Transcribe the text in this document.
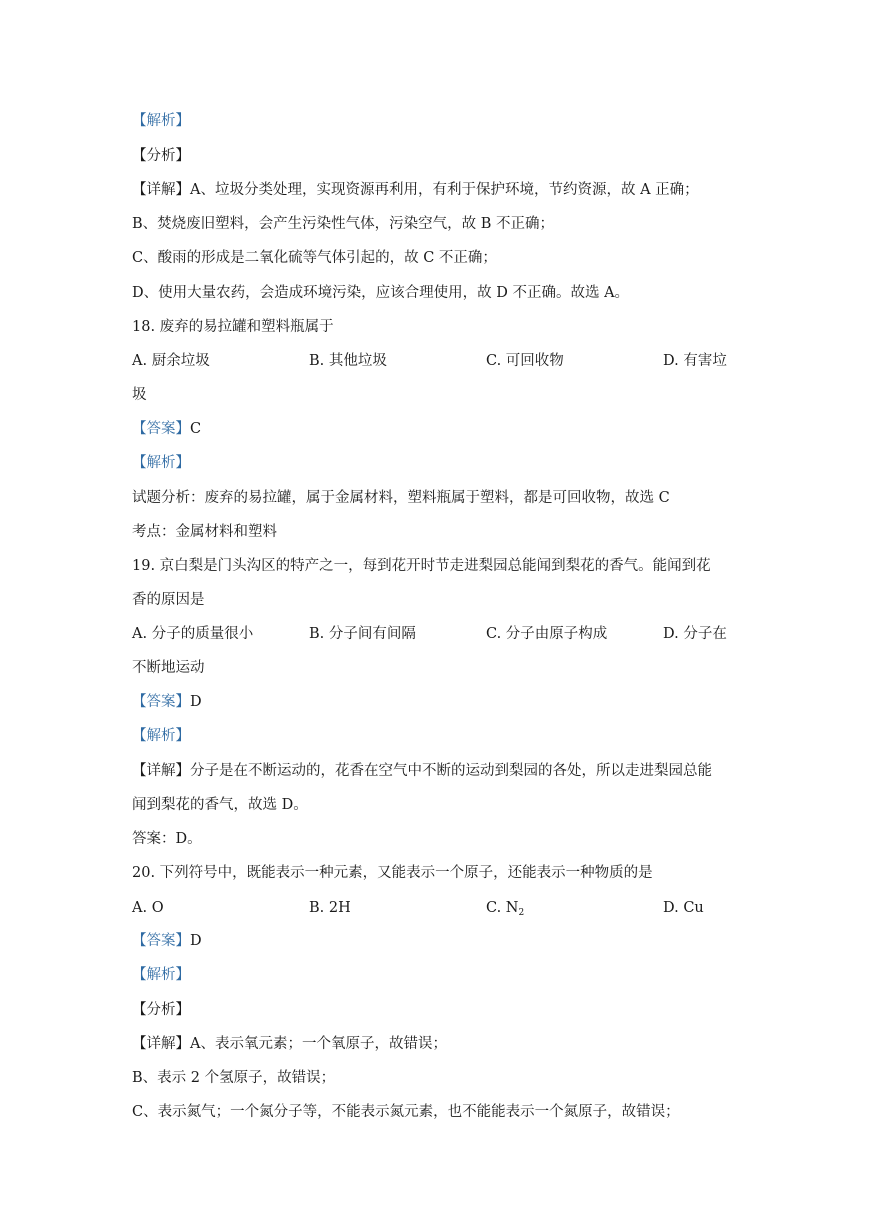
【解析】
【分析】
【详解】A、垃圾分类处理，实现资源再利用，有利于保护环境，节约资源，故 A 正确；
B、焚烧废旧塑料，会产生污染性气体，污染空气，故 B 不正确；
C、酸雨的形成是二氧化硫等气体引起的，故 C 不正确；
D、使用大量农药，会造成环境污染，应该合理使用，故 D 不正确。故选 A。
18. 废弃的易拉罐和塑料瓶属于
A. 厨余垃圾	B. 其他垃圾	C. 可回收物	D. 有害垃
圾
【答案】C
【解析】
试题分析：废弃的易拉罐，属于金属材料，塑料瓶属于塑料，都是可回收物，故选 C
考点：金属材料和塑料
19. 京白梨是门头沟区的特产之一，每到花开时节走进梨园总能闻到梨花的香气。能闻到花
香的原因是
A. 分子的质量很小	B. 分子间有间隔	C. 分子由原子构成	D. 分子在
不断地运动
【答案】D
【解析】
【详解】分子是在不断运动的，花香在空气中不断的运动到梨园的各处，所以走进梨园总能
闻到梨花的香气，故选 D。
答案：D。
20. 下列符号中，既能表示一种元素，又能表示一个原子，还能表示一种物质的是
A. O	B. 2H	C. $N_2$	D. Cu
【答案】D
【解析】
【分析】
【详解】A、表示氧元素；一个氧原子，故错误；
B、表示 2 个氢原子，故错误；
C、表示氮气；一个氮分子等，不能表示氮元素，也不能能表示一个氮原子，故错误；
